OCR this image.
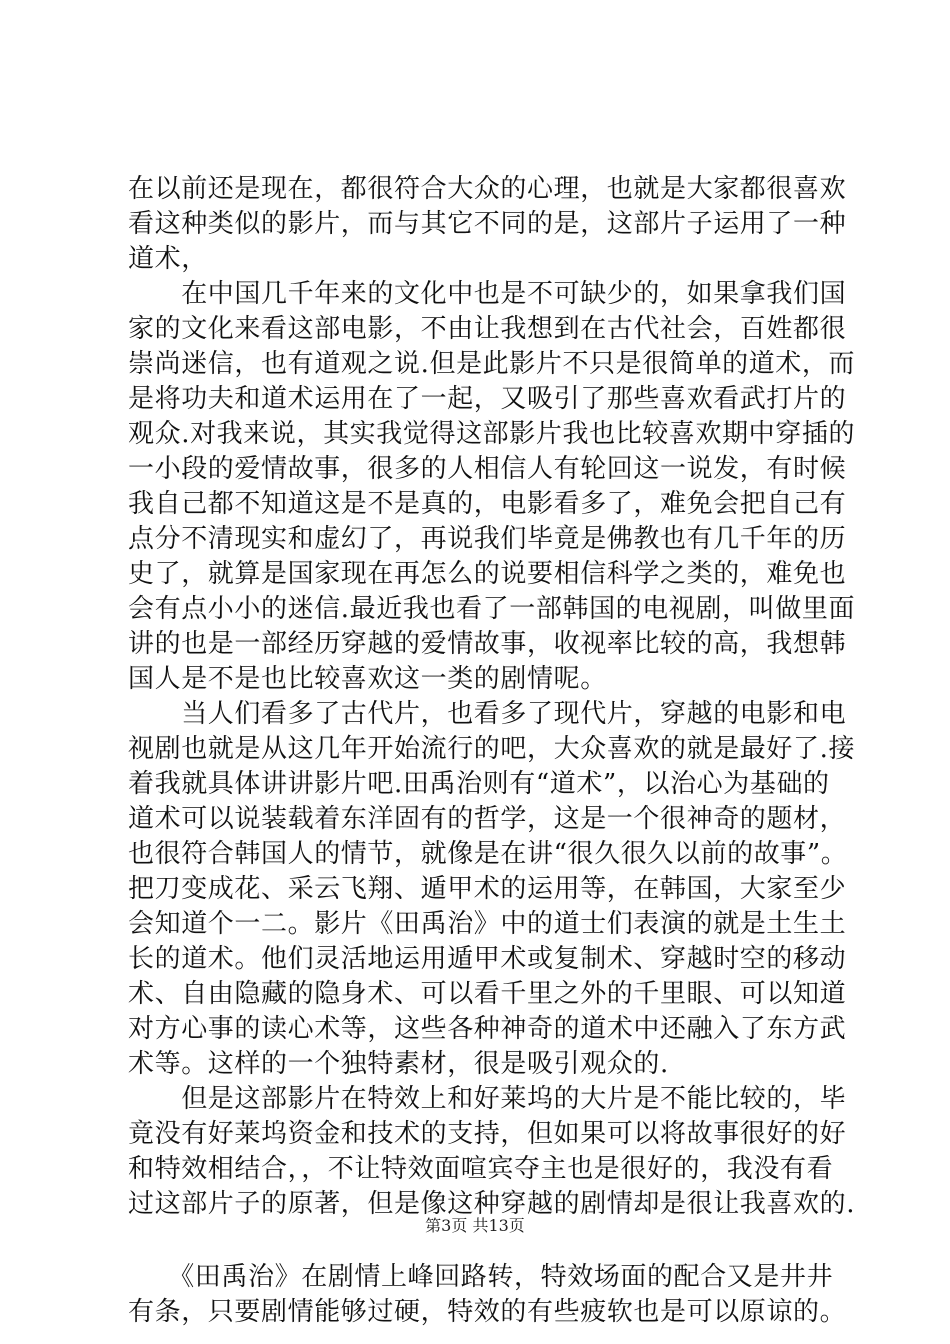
在以前还是现在，都很符合大众的心理，也就是大家都很喜欢
看这种类似的影片，而与其它不同的是，这部片子运用了一种
道术，
　　在中国几千年来的文化中也是不可缺少的，如果拿我们国
家的文化来看这部电影，不由让我想到在古代社会，百姓都很
崇尚迷信，也有道观之说.但是此影片不只是很简单的道术，而
是将功夫和道术运用在了一起，又吸引了那些喜欢看武打片的
观众.对我来说，其实我觉得这部影片我也比较喜欢期中穿插的
一小段的爱情故事，很多的人相信人有轮回这一说发，有时候
我自己都不知道这是不是真的，电影看多了，难免会把自己有
点分不清现实和虚幻了，再说我们毕竟是佛教也有几千年的历
史了，就算是国家现在再怎么的说要相信科学之类的，难免也
会有点小小的迷信.最近我也看了一部韩国的电视剧，叫做里面
讲的也是一部经历穿越的爱情故事，收视率比较的高，我想韩
国人是不是也比较喜欢这一类的剧情呢。
　　当人们看多了古代片，也看多了现代片，穿越的电影和电
视剧也就是从这几年开始流行的吧，大众喜欢的就是最好了.接
着我就具体讲讲影片吧.田禹治则有“道术”，以治心为基础的
道术可以说装载着东洋固有的哲学，这是一个很神奇的题材，
也很符合韩国人的情节，就像是在讲“很久很久以前的故事”。
把刀变成花、采云飞翔、遁甲术的运用等，在韩国，大家至少
会知道个一二。影片《田禹治》中的道士们表演的就是土生土
长的道术。他们灵活地运用遁甲术或复制术、穿越时空的移动
术、自由隐藏的隐身术、可以看千里之外的千里眼、可以知道
对方心事的读心术等，这些各种神奇的道术中还融入了东方武
术等。这样的一个独特素材，很是吸引观众的.
　　但是这部影片在特效上和好莱坞的大片是不能比较的，毕
竟没有好莱坞资金和技术的支持，但如果可以将故事很好的好
和特效相结合，，不让特效面喧宾夺主也是很好的，我没有看
过这部片子的原著，但是像这种穿越的剧情却是很让我喜欢的.
　　《田禹治》在剧情上峰回路转，特效场面的配合又是井井
有条，只要剧情能够过硬，特效的有些疲软也是可以原谅的。
第3页 共13页
